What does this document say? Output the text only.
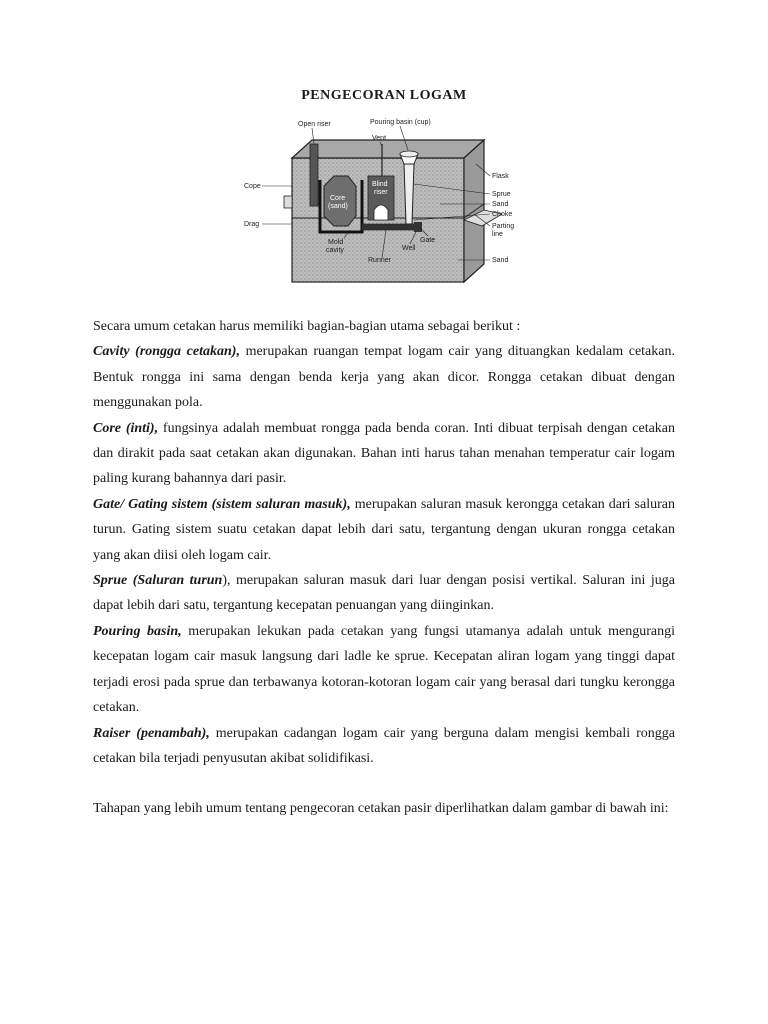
PENGECORAN LOGAM
Open riser	Pouring basin (cup)
Vent
Blind
riser
Core
(sand)
Cope
Drag
Mold
cavity	Well
Gate
Runner
Flask
Sprue
Sand
Choke
Parting
line
Sand

Secara umum cetakan harus memiliki bagian-bagian utama sebagai berikut :

Cavity (rongga cetakan), merupakan ruangan tempat logam cair yang dituangkan kedalam cetakan. Bentuk rongga ini sama dengan benda kerja yang akan dicor. Rongga cetakan dibuat dengan menggunakan pola.

Core (inti), fungsinya adalah membuat rongga pada benda coran. Inti dibuat terpisah dengan cetakan dan dirakit pada saat cetakan akan digunakan. Bahan inti harus tahan menahan temperatur cair logam paling kurang bahannya dari pasir.

Gate/ Gating sistem (sistem saluran masuk), merupakan saluran masuk kerongga cetakan dari saluran turun. Gating sistem suatu cetakan dapat lebih dari satu, tergantung dengan ukuran rongga cetakan yang akan diisi oleh logam cair.

Sprue (Saluran turun), merupakan saluran masuk dari luar dengan posisi vertikal. Saluran ini juga dapat lebih dari satu, tergantung kecepatan penuangan yang diinginkan.

Pouring basin, merupakan lekukan pada cetakan yang fungsi utamanya adalah untuk mengurangi kecepatan logam cair masuk langsung dari ladle ke sprue. Kecepatan aliran logam yang tinggi dapat terjadi erosi pada sprue dan terbawanya kotoran-kotoran logam cair yang berasal dari tungku kerongga cetakan.

Raiser (penambah), merupakan cadangan logam cair yang berguna dalam mengisi kembali rongga cetakan bila terjadi penyusutan akibat solidifikasi.

Tahapan yang lebih umum tentang pengecoran cetakan pasir diperlihatkan dalam gambar di bawah ini:
